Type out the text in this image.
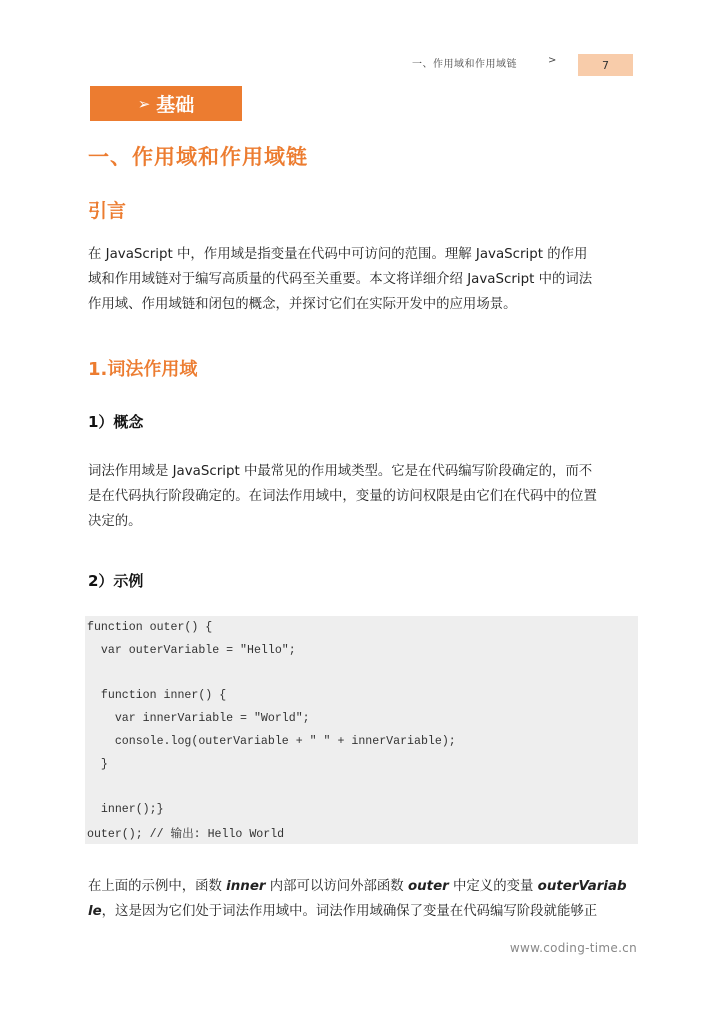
一、作用域和作用域链	>	7
➢ 基础
一、作用域和作用域链
引言
在 JavaScript 中，作用域是指变量在代码中可访问的范围。理解 JavaScript 的作用
域和作用域链对于编写高质量的代码至关重要。本文将详细介绍 JavaScript 中的词法
作用域、作用域链和闭包的概念，并探讨它们在实际开发中的应用场景。
1.词法作用域
1）概念
词法作用域是 JavaScript 中最常见的作用域类型。它是在代码编写阶段确定的，而不
是在代码执行阶段确定的。在词法作用域中，变量的访问权限是由它们在代码中的位置
决定的。
2）示例
function outer() {
var outerVariable = "Hello";
function inner() {
var innerVariable = "World";
console.log(outerVariable + " " + innerVariable);
}
inner();}
outer(); // 输出: Hello World
在上面的示例中，函数 inner 内部可以访问外部函数 outer 中定义的变量 outerVariab
le，这是因为它们处于词法作用域中。词法作用域确保了变量在代码编写阶段就能够正
www.coding-time.cn
